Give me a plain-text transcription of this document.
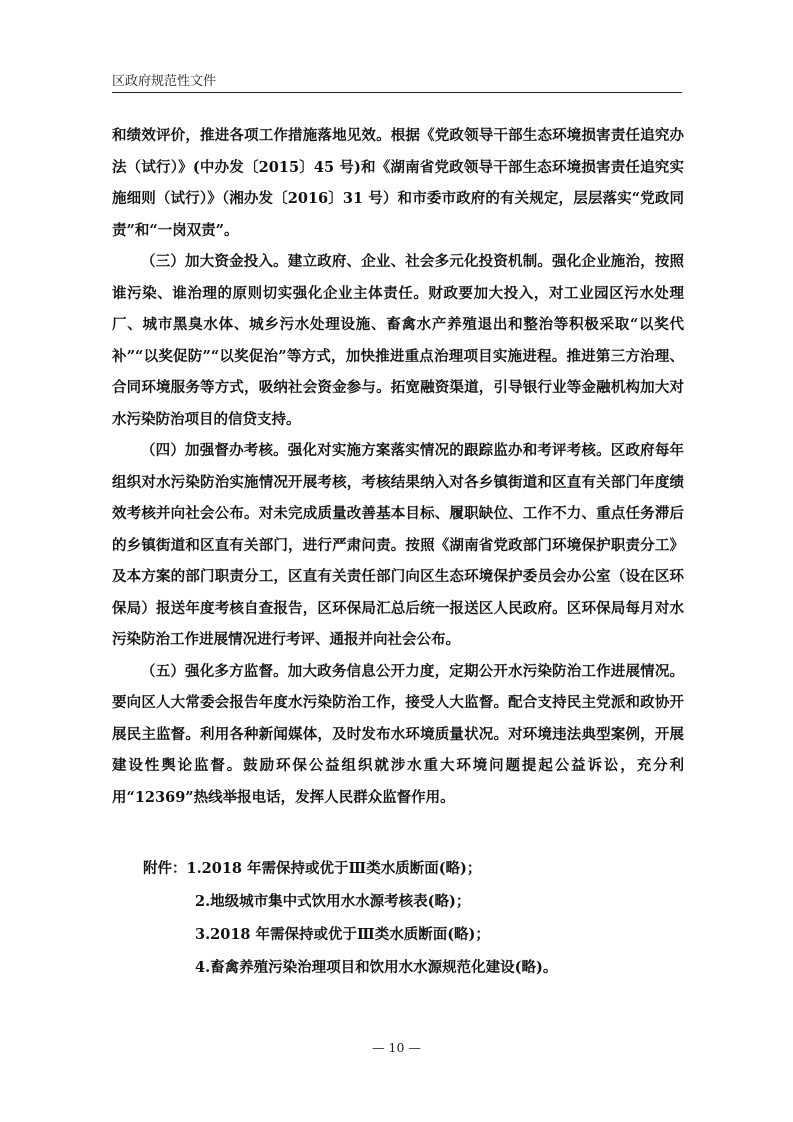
区政府规范性文件

和绩效评价，推进各项工作措施落地见效。根据《党政领导干部生态环境损害责任追究办法（试行）》(中办发〔2015〕45 号)和《湖南省党政领导干部生态环境损害责任追究实施细则（试行）》（湘办发〔2016〕31 号）和市委市政府的有关规定，层层落实“党政同责”和“一岗双责”。

（三）加大资金投入。建立政府、企业、社会多元化投资机制。强化企业施治，按照谁污染、谁治理的原则切实强化企业主体责任。财政要加大投入，对工业园区污水处理厂、城市黑臭水体、城乡污水处理设施、畜禽水产养殖退出和整治等积极采取“以奖代补”“以奖促防”“以奖促治”等方式，加快推进重点治理项目实施进程。推进第三方治理、合同环境服务等方式，吸纳社会资金参与。拓宽融资渠道，引导银行业等金融机构加大对水污染防治项目的信贷支持。

（四）加强督办考核。强化对实施方案落实情况的跟踪监办和考评考核。区政府每年组织对水污染防治实施情况开展考核，考核结果纳入对各乡镇街道和区直有关部门年度绩效考核并向社会公布。对未完成质量改善基本目标、履职缺位、工作不力、重点任务滞后的乡镇街道和区直有关部门，进行严肃问责。按照《湖南省党政部门环境保护职责分工》及本方案的部门职责分工，区直有关责任部门向区生态环境保护委员会办公室（设在区环保局）报送年度考核自查报告，区环保局汇总后统一报送区人民政府。区环保局每月对水污染防治工作进展情况进行考评、通报并向社会公布。

（五）强化多方监督。加大政务信息公开力度，定期公开水污染防治工作进展情况。要向区人大常委会报告年度水污染防治工作，接受人大监督。配合支持民主党派和政协开展民主监督。利用各种新闻媒体，及时发布水环境质量状况。对环境违法典型案例，开展建设性舆论监督。鼓励环保公益组织就涉水重大环境问题提起公益诉讼，充分利用“12369”热线举报电话，发挥人民群众监督作用。

附件：1.2018 年需保持或优于Ⅲ类水质断面(略)；
2.地级城市集中式饮用水水源考核表(略)；
3.2018 年需保持或优于Ⅲ类水质断面(略)；
4.畜禽养殖污染治理项目和饮用水水源规范化建设(略)。
— 10 —
